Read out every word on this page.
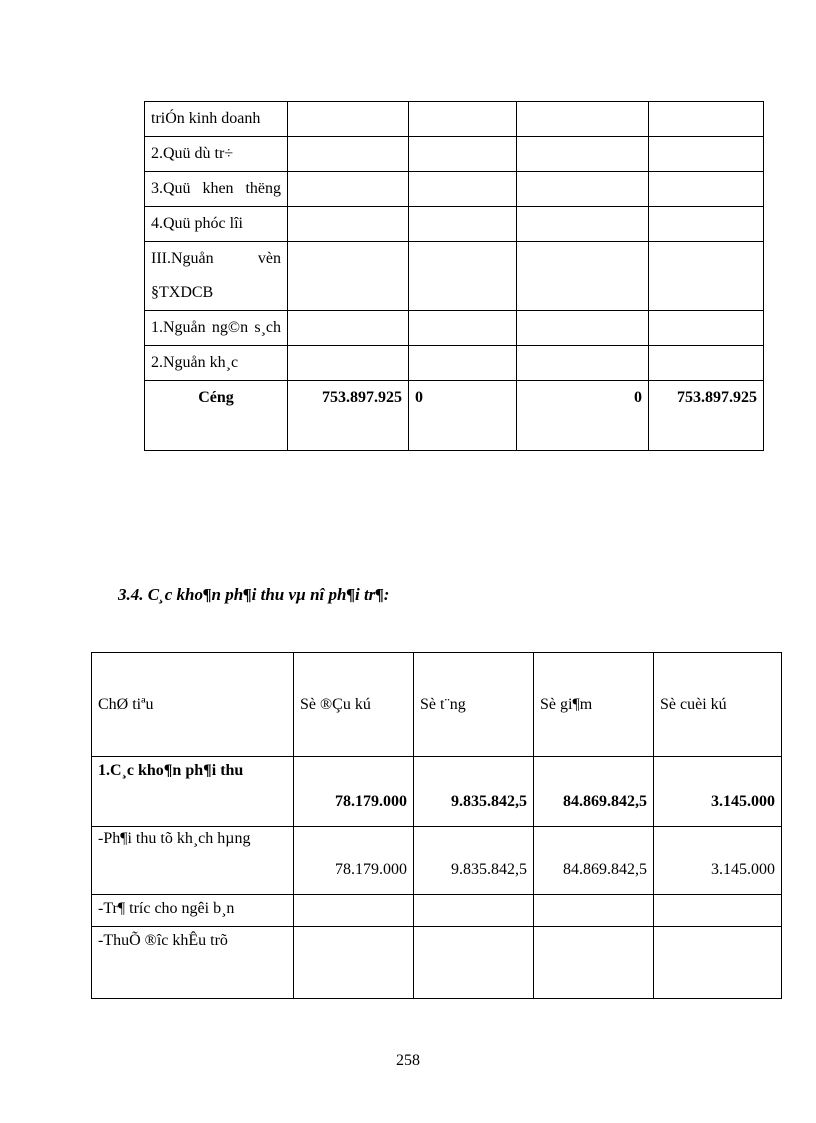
triÓn kinh doanh				
2.Quü dù tr÷				
3.Quü khen thëng				
4.Quü phóc lîi				
III.Nguån vèn §TXDCB				
1.Nguån ng©n s¸ch				
2.Nguån kh¸c				
Céng	753.897.925	0	0	753.897.925
3.4. C¸c kho¶n ph¶i thu vµ nî ph¶i tr¶:
ChØ tiªu	Sè ®Çu kú	Sè t¨ng	Sè gi¶m	Sè cuèi kú
1.C¸c kho¶n ph¶i thu	78.179.000	9.835.842,5	84.869.842,5	3.145.000
-Ph¶i thu tõ kh¸ch hµng	78.179.000	9.835.842,5	84.869.842,5	3.145.000
-Tr¶ tríc cho ngêi b¸n				
-ThuÕ ®îc khÊu trõ				
258
